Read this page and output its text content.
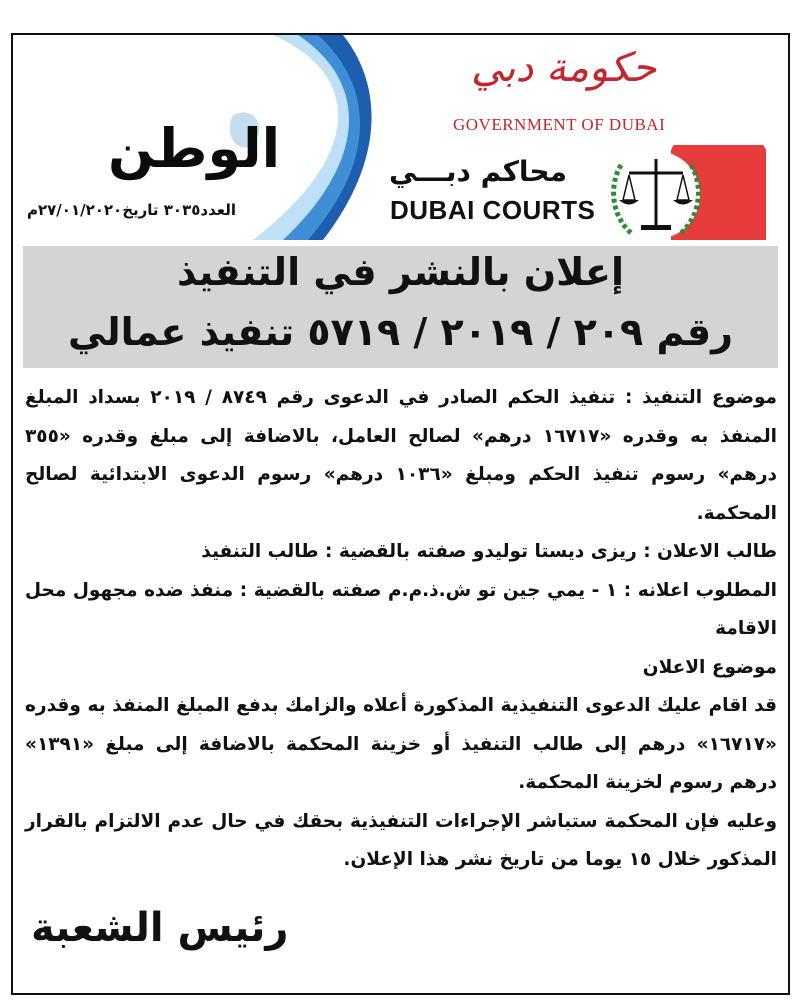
الوطن
العدد٣٠٣٥ تاريخ٢٧/٠١/٢٠٢٠م
حكومة دبي
GOVERNMENT OF DUBAI
محاكم دبـــي
DUBAI COURTS
إعلان بالنشر في التنفيذ
رقم ٢٠٩ / ٢٠١٩ / ٥٧١٩ تنفيذ عمالي

موضوع التنفيذ : تنفيذ الحكم الصادر في الدعوى رقم ٨٧٤٩ / ٢٠١٩ بسداد المبلغ المنفذ به وقدره «١٦٧١٧ درهم» لصالح العامل، بالاضافة إلى مبلغ وقدره «٣٥٥ درهم» رسوم تنفيذ الحكم ومبلغ «١٠٣٦ درهم» رسوم الدعوى الابتدائية لصالح المحكمة.

طالب الاعلان : ريزى ديستا توليدو صفته بالقضية : طالب التنفيذ

المطلوب اعلانه : ١ - يمي جين تو ش.ذ.م.م صفته بالقضية : منفذ ضده مجهول محل الاقامة

موضوع الاعلان

قد اقام عليك الدعوى التنفيذية المذكورة أعلاه والزامك بدفع المبلغ المنفذ به وقدره «١٦٧١٧» درهم إلى طالب التنفيذ أو خزينة المحكمة بالاضافة إلى مبلغ «١٣٩١» درهم رسوم لخزينة المحكمة.

وعليه فإن المحكمة ستباشر الإجراءات التنفيذية بحقك في حال عدم الالتزام بالقرار المذكور خلال ١٥ يوما من تاريخ نشر هذا الإعلان.

رئيس الشعبة
